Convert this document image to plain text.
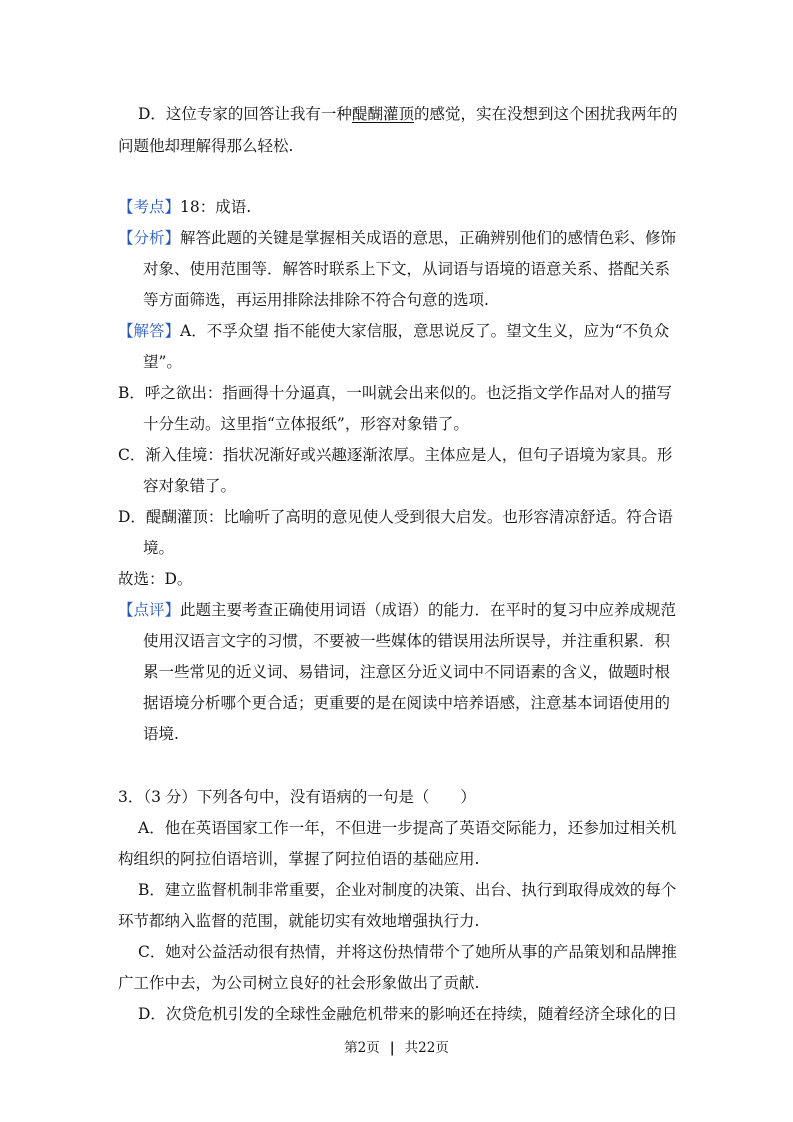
D．这位专家的回答让我有一种醍醐灌顶的感觉，实在没想到这个困扰我两年的
问题他却理解得那么轻松.
【考点】18：成语.
【分析】解答此题的关键是掌握相关成语的意思，正确辨别他们的感情色彩、修饰
对象、使用范围等．解答时联系上下文，从词语与语境的语意关系、搭配关系
等方面筛选，再运用排除法排除不符合句意的选项.
【解答】A．不孚众望 指不能使大家信服，意思说反了。望文生义，应为“不负众
望”。
B．呼之欲出：指画得十分逼真，一叫就会出来似的。也泛指文学作品对人的描写
十分生动。这里指“立体报纸”，形容对象错了。
C．渐入佳境：指状况渐好或兴趣逐渐浓厚。主体应是人，但句子语境为家具。形
容对象错了。
D．醍醐灌顶：比喻听了高明的意见使人受到很大启发。也形容清凉舒适。符合语
境。
故选：D。
【点评】此题主要考查正确使用词语（成语）的能力．在平时的复习中应养成规范
使用汉语言文字的习惯，不要被一些媒体的错误用法所误导，并注重积累．积
累一些常见的近义词、易错词，注意区分近义词中不同语素的含义，做题时根
据语境分析哪个更合适；更重要的是在阅读中培养语感，注意基本词语使用的
语境.
3．（3 分）下列各句中，没有语病的一句是（　　）
A．他在英语国家工作一年，不但进一步提高了英语交际能力，还参加过相关机
构组织的阿拉伯语培训，掌握了阿拉伯语的基础应用.
B．建立监督机制非常重要，企业对制度的决策、出台、执行到取得成效的每个
环节都纳入监督的范围，就能切实有效地增强执行力.
C．她对公益活动很有热情，并将这份热情带个了她所从事的产品策划和品牌推
广工作中去，为公司树立良好的社会形象做出了贡献.
D．次贷危机引发的全球性金融危机带来的影响还在持续，随着经济全球化的日
第2页 | 共22页
